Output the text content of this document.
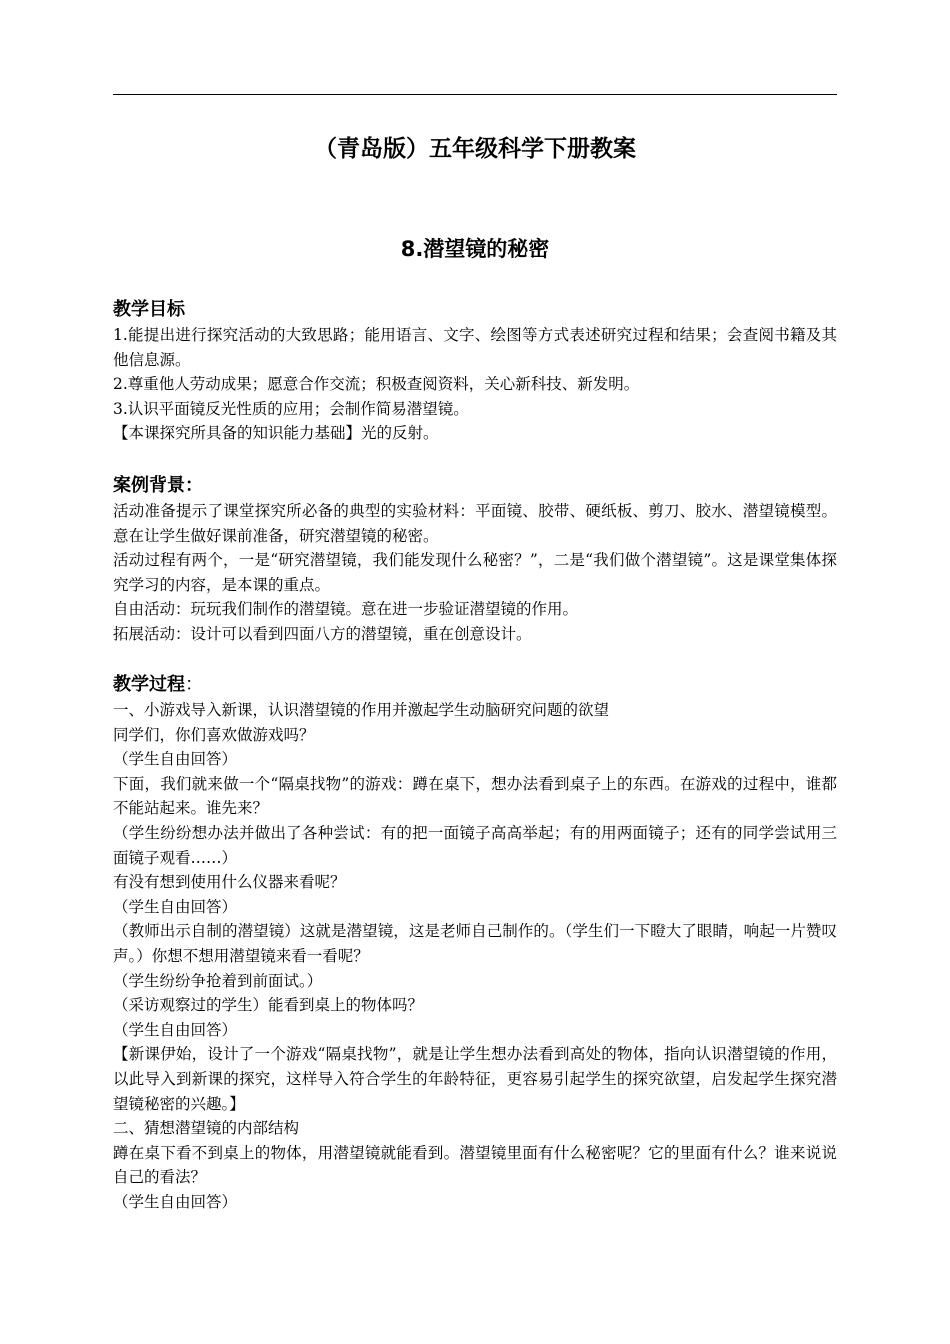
（青岛版）五年级科学下册教案
8.潜望镜的秘密
教学目标
1.能提出进行探究活动的大致思路；能用语言、文字、绘图等方式表述研究过程和结果；会查阅书籍及其他信息源。
2.尊重他人劳动成果；愿意合作交流；积极查阅资料，关心新科技、新发明。
3.认识平面镜反光性质的应用；会制作简易潜望镜。
【本课探究所具备的知识能力基础】光的反射。
案例背景：
活动准备提示了课堂探究所必备的典型的实验材料：平面镜、胶带、硬纸板、剪刀、胶水、潜望镜模型。意在让学生做好课前准备，研究潜望镜的秘密。
活动过程有两个，一是“研究潜望镜，我们能发现什么秘密？”，二是“我们做个潜望镜”。这是课堂集体探究学习的内容，是本课的重点。
自由活动：玩玩我们制作的潜望镜。意在进一步验证潜望镜的作用。
拓展活动：设计可以看到四面八方的潜望镜，重在创意设计。
教学过程：
一、小游戏导入新课，认识潜望镜的作用并激起学生动脑研究问题的欲望
同学们，你们喜欢做游戏吗？
（学生自由回答）
下面，我们就来做一个“隔桌找物”的游戏：蹲在桌下，想办法看到桌子上的东西。在游戏的过程中，谁都不能站起来。谁先来？
（学生纷纷想办法并做出了各种尝试：有的把一面镜子高高举起；有的用两面镜子；还有的同学尝试用三面镜子观看……）
有没有想到使用什么仪器来看呢？
（学生自由回答）
（教师出示自制的潜望镜）这就是潜望镜，这是老师自己制作的。（学生们一下瞪大了眼睛，响起一片赞叹声。）你想不想用潜望镜来看一看呢？
（学生纷纷争抢着到前面试。）
（采访观察过的学生）能看到桌上的物体吗？
（学生自由回答）
【新课伊始，设计了一个游戏“隔桌找物”，就是让学生想办法看到高处的物体，指向认识潜望镜的作用，以此导入到新课的探究，这样导入符合学生的年龄特征，更容易引起学生的探究欲望，启发起学生探究潜望镜秘密的兴趣。】
二、猜想潜望镜的内部结构
蹲在桌下看不到桌上的物体，用潜望镜就能看到。潜望镜里面有什么秘密呢？它的里面有什么？谁来说说自己的看法？
（学生自由回答）
